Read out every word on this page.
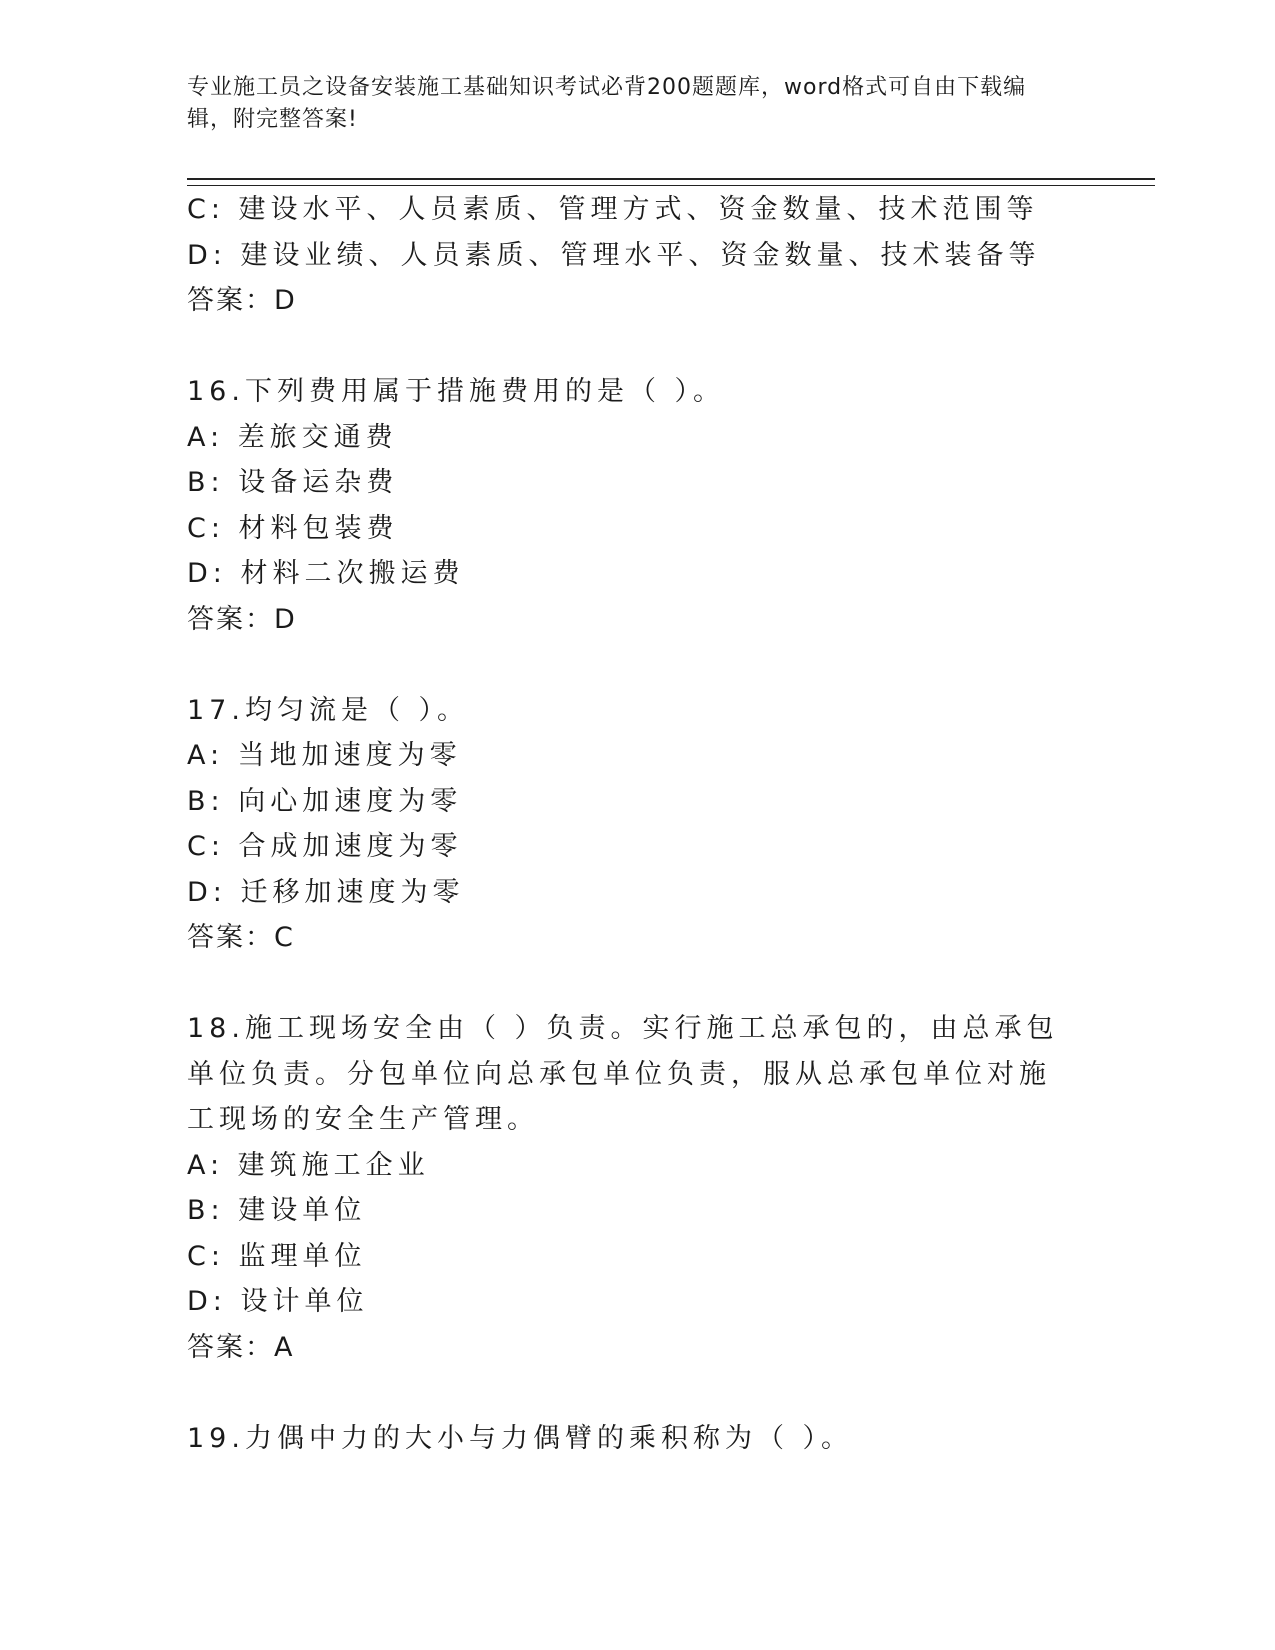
专业施工员之设备安装施工基础知识考试必背200题题库，word格式可自由下载编辑，附完整答案!
C: 建设水平、人员素质、管理方式、资金数量、技术范围等
D: 建设业绩、人员素质、管理水平、资金数量、技术装备等
答案：D
16.下列费用属于措施费用的是（ ）。
A: 差旅交通费
B: 设备运杂费
C: 材料包装费
D: 材料二次搬运费
答案：D
17.均匀流是（ ）。
A: 当地加速度为零
B: 向心加速度为零
C: 合成加速度为零
D: 迁移加速度为零
答案：C
18.施工现场安全由（ ）负责。实行施工总承包的，由总承包单位负责。分包单位向总承包单位负责，服从总承包单位对施工现场的安全生产管理。
A: 建筑施工企业
B: 建设单位
C: 监理单位
D: 设计单位
答案：A
19.力偶中力的大小与力偶臂的乘积称为（ ）。
